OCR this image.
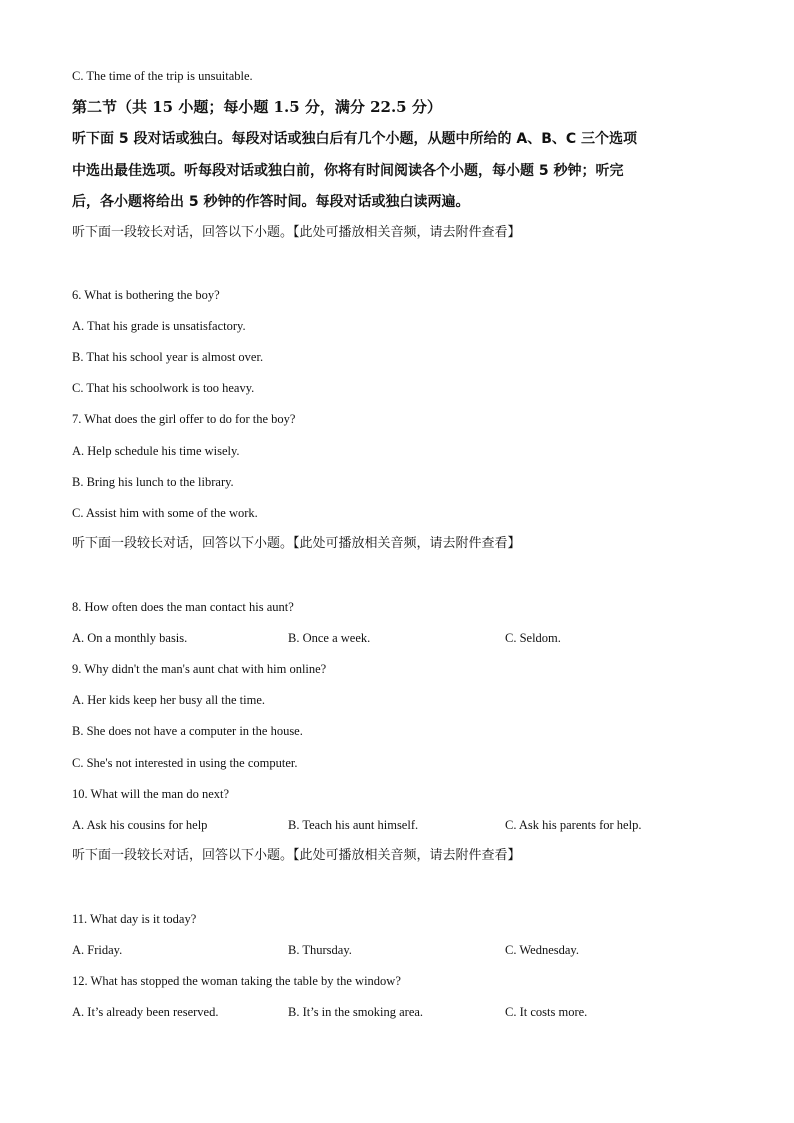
C. The time of the trip is unsuitable.
第二节（共 15 小题；每小题 1.5 分，满分 22.5 分）
听下面 5 段对话或独白。每段对话或独白后有几个小题，从题中所给的 A、B、C 三个选项
中选出最佳选项。听每段对话或独白前，你将有时间阅读各个小题，每小题 5 秒钟；听完
后，各小题将给出 5 秒钟的作答时间。每段对话或独白读两遍。
听下面一段较长对话，回答以下小题。【此处可播放相关音频，请去附件查看】
6. What is bothering the boy?
A. That his grade is unsatisfactory.
B. That his school year is almost over.
C. That his schoolwork is too heavy.
7. What does the girl offer to do for the boy?
A. Help schedule his time wisely.
B. Bring his lunch to the library.
C. Assist him with some of the work.
听下面一段较长对话，回答以下小题。【此处可播放相关音频，请去附件查看】
8. How often does the man contact his aunt?
A. On a monthly basis.	B. Once a week.	C. Seldom.
9. Why didn't the man's aunt chat with him online?
A. Her kids keep her busy all the time.
B. She does not have a computer in the house.
C. She's not interested in using the computer.
10. What will the man do next?
A. Ask his cousins for help	B. Teach his aunt himself.	C. Ask his parents for help.
听下面一段较长对话，回答以下小题。【此处可播放相关音频，请去附件查看】
11. What day is it today?
A. Friday.	B. Thursday.	C. Wednesday.
12. What has stopped the woman taking the table by the window?
A. It’s already been reserved.	B. It’s in the smoking area.	C. It costs more.
